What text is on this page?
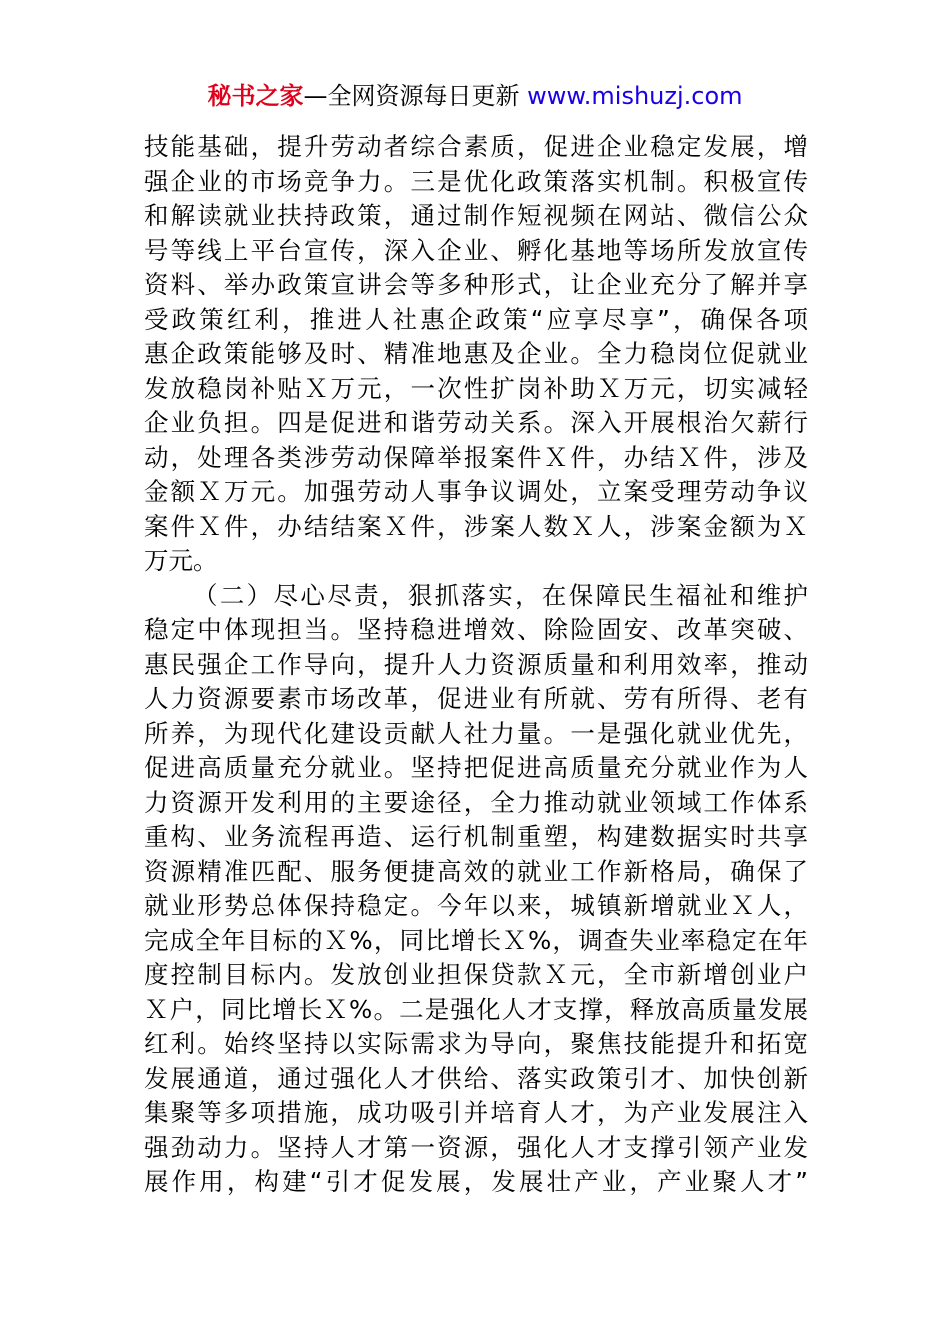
秘书之家—全网资源每日更新 www.mishuzj.com
技能基础，提升劳动者综合素质，促进企业稳定发展，增
强企业的市场竞争力。三是优化政策落实机制。积极宣传
和解读就业扶持政策，通过制作短视频在网站、微信公众
号等线上平台宣传，深入企业、孵化基地等场所发放宣传
资料、举办政策宣讲会等多种形式，让企业充分了解并享
受政策红利，推进人社惠企政策“应享尽享”，确保各项
惠企政策能够及时、精准地惠及企业。全力稳岗位促就业
发放稳岗补贴Ｘ万元，一次性扩岗补助Ｘ万元，切实减轻
企业负担。四是促进和谐劳动关系。深入开展根治欠薪行
动，处理各类涉劳动保障举报案件Ｘ件，办结Ｘ件，涉及
金额Ｘ万元。加强劳动人事争议调处，立案受理劳动争议
案件Ｘ件，办结结案Ｘ件，涉案人数Ｘ人，涉案金额为Ｘ
万元。
（二）尽心尽责，狠抓落实，在保障民生福祉和维护
稳定中体现担当。坚持稳进增效、除险固安、改革突破、
惠民强企工作导向，提升人力资源质量和利用效率，推动
人力资源要素市场改革，促进业有所就、劳有所得、老有
所养，为现代化建设贡献人社力量。一是强化就业优先，
促进高质量充分就业。坚持把促进高质量充分就业作为人
力资源开发利用的主要途径，全力推动就业领域工作体系
重构、业务流程再造、运行机制重塑，构建数据实时共享
资源精准匹配、服务便捷高效的就业工作新格局，确保了
就业形势总体保持稳定。今年以来，城镇新增就业Ｘ人，
完成全年目标的Ｘ%，同比增长Ｘ%，调查失业率稳定在年
度控制目标内。发放创业担保贷款Ｘ元，全市新增创业户
Ｘ户，同比增长Ｘ%。二是强化人才支撑，释放高质量发展
红利。始终坚持以实际需求为导向，聚焦技能提升和拓宽
发展通道，通过强化人才供给、落实政策引才、加快创新
集聚等多项措施，成功吸引并培育人才，为产业发展注入
强劲动力。坚持人才第一资源，强化人才支撑引领产业发
展作用，构建“引才促发展，发展壮产业，产业聚人才”
